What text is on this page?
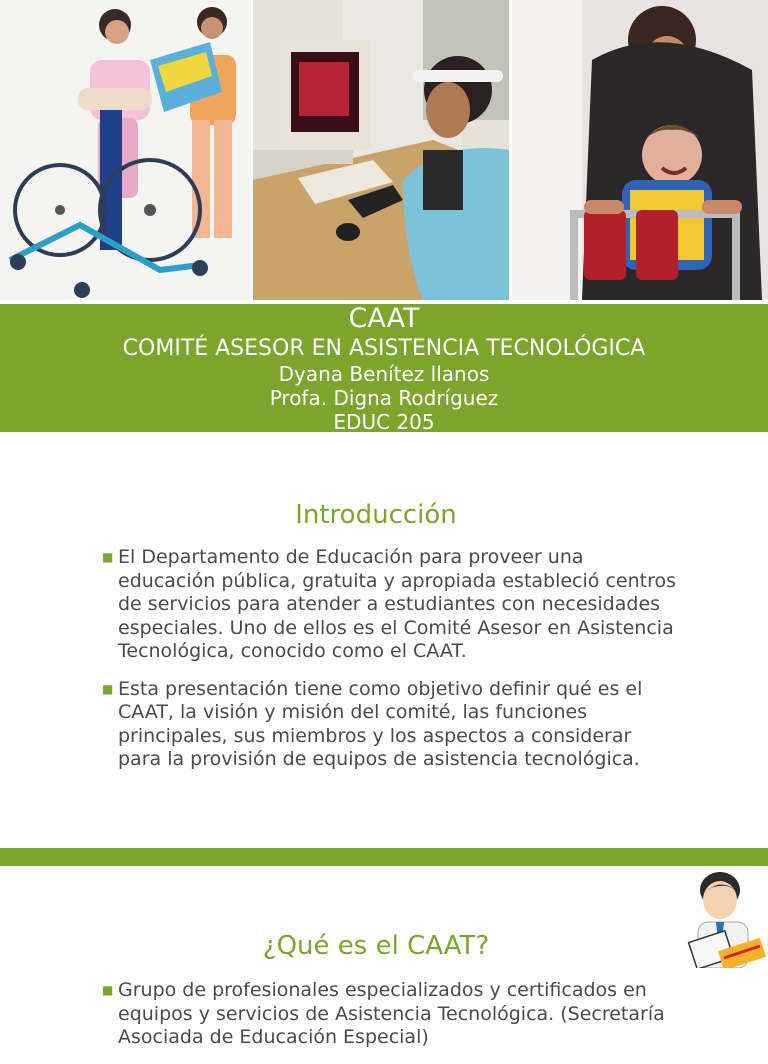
CAAT
COMITÉ ASESOR EN ASISTENCIA TECNOLÓGICA
Dyana Benítez llanos
Profa. Digna Rodríguez
EDUC 205
Introducción
■ El Departamento de Educación para proveer una educación pública, gratuita y apropiada estableció centros de servicios para atender a estudiantes con necesidades especiales. Uno de ellos es el Comité Asesor en Asistencia Tecnológica, conocido como el CAAT.
■ Esta presentación tiene como objetivo definir qué es el CAAT, la visión y misión del comité, las funciones principales, sus miembros y los aspectos a considerar para la provisión de equipos de asistencia tecnológica.
¿Qué es el CAAT?
■ Grupo de profesionales especializados y certificados en equipos y servicios de Asistencia Tecnológica. (Secretaría Asociada de Educación Especial)
